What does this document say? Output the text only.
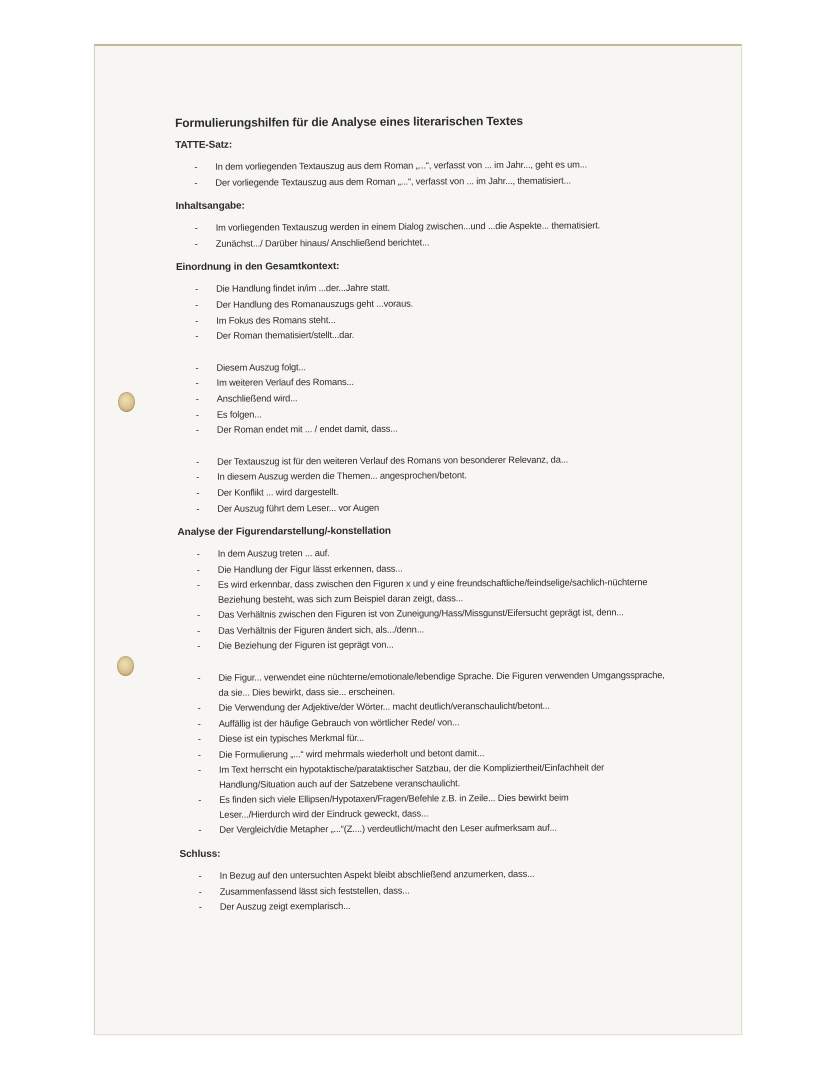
Formulierungshilfen für die Analyse eines literarischen Textes
TATTE-Satz:
- In dem vorliegenden Textauszug aus dem Roman „...“, verfasst von ... im Jahr..., geht es um...
- Der vorliegende Textauszug aus dem Roman „...“, verfasst von ... im Jahr..., thematisiert...
Inhaltsangabe:
- Im vorliegenden Textauszug werden in einem Dialog zwischen...und ...die Aspekte... thematisiert.
- Zunächst.../ Darüber hinaus/ Anschließend berichtet...
Einordnung in den Gesamtkontext:
- Die Handlung findet in/im ...der...Jahre statt.
- Der Handlung des Romanauszugs geht ...voraus.
- Im Fokus des Romans steht...
- Der Roman thematisiert/stellt...dar.
- Diesem Auszug folgt...
- Im weiteren Verlauf des Romans...
- Anschließend wird...
- Es folgen...
- Der Roman endet mit ... / endet damit, dass...
- Der Textauszug ist für den weiteren Verlauf des Romans von besonderer Relevanz, da...
- In diesem Auszug werden die Themen... angesprochen/betont.
- Der Konflikt ... wird dargestellt.
- Der Auszug führt dem Leser... vor Augen
Analyse der Figurendarstellung/-konstellation
- In dem Auszug treten ... auf.
- Die Handlung der Figur lässt erkennen, dass...
- Es wird erkennbar, dass zwischen den Figuren x und y eine freundschaftliche/feindselige/sachlich-nüchterne Beziehung besteht, was sich zum Beispiel daran zeigt, dass...
- Das Verhältnis zwischen den Figuren ist von Zuneigung/Hass/Missgunst/Eifersucht geprägt ist, denn...
- Das Verhältnis der Figuren ändert sich, als.../denn...
- Die Beziehung der Figuren ist geprägt von...
- Die Figur... verwendet eine nüchterne/emotionale/lebendige Sprache. Die Figuren verwenden Umgangssprache, da sie... Dies bewirkt, dass sie... erscheinen.
- Die Verwendung der Adjektive/der Wörter... macht deutlich/veranschaulicht/betont...
- Auffällig ist der häufige Gebrauch von wörtlicher Rede/ von...
- Diese ist ein typisches Merkmal für...
- Die Formulierung „...“ wird mehrmals wiederholt und betont damit...
- Im Text herrscht ein hypotaktische/parataktischer Satzbau, der die Kompliziertheit/Einfachheit der Handlung/Situation auch auf der Satzebene veranschaulicht.
- Es finden sich viele Ellipsen/Hypotaxen/Fragen/Befehle z.B. in Zeile... Dies bewirkt beim Leser.../Hierdurch wird der Eindruck geweckt, dass...
- Der Vergleich/die Metapher „...“(Z....) verdeutlicht/macht den Leser aufmerksam auf...
Schluss:
- In Bezug auf den untersuchten Aspekt bleibt abschließend anzumerken, dass...
- Zusammenfassend lässt sich feststellen, dass...
- Der Auszug zeigt exemplarisch...
